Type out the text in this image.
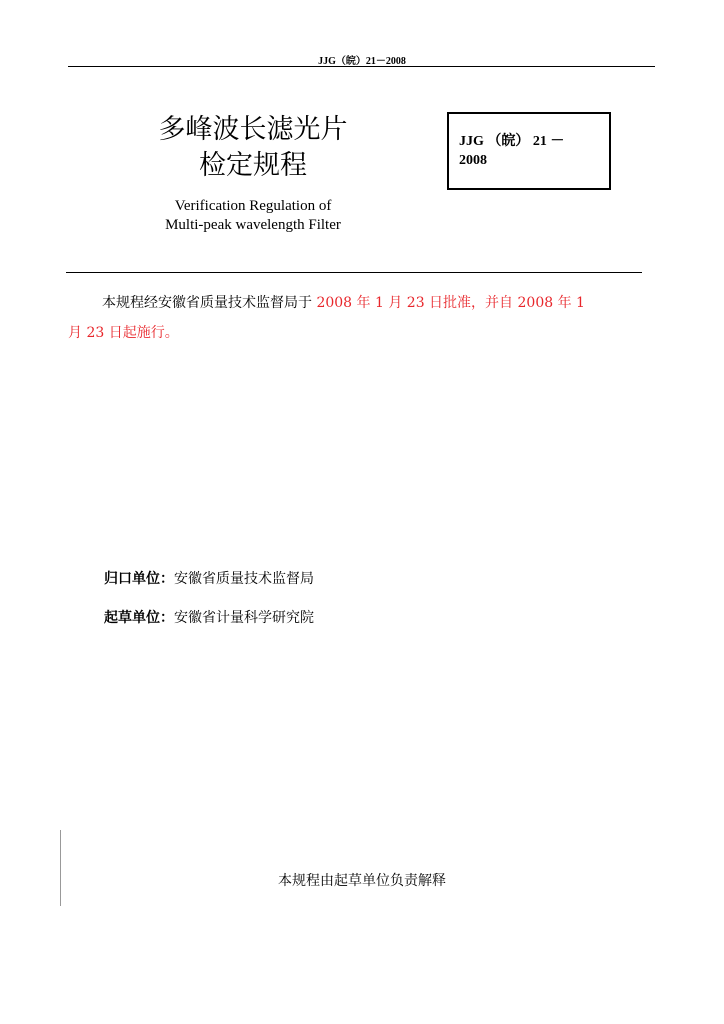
JJG（皖）21－2008
多峰波长滤光片
检定规程
JJG （皖） 21 －
2008
Verification Regulation of
Multi-peak wavelength Filter
本规程经安徽省质量技术监督局于 2008 年 1 月 23 日批准，并自 2008 年 1
月 23 日起施行。
归口单位：安徽省质量技术监督局
起草单位：安徽省计量科学研究院
本规程由起草单位负责解释
